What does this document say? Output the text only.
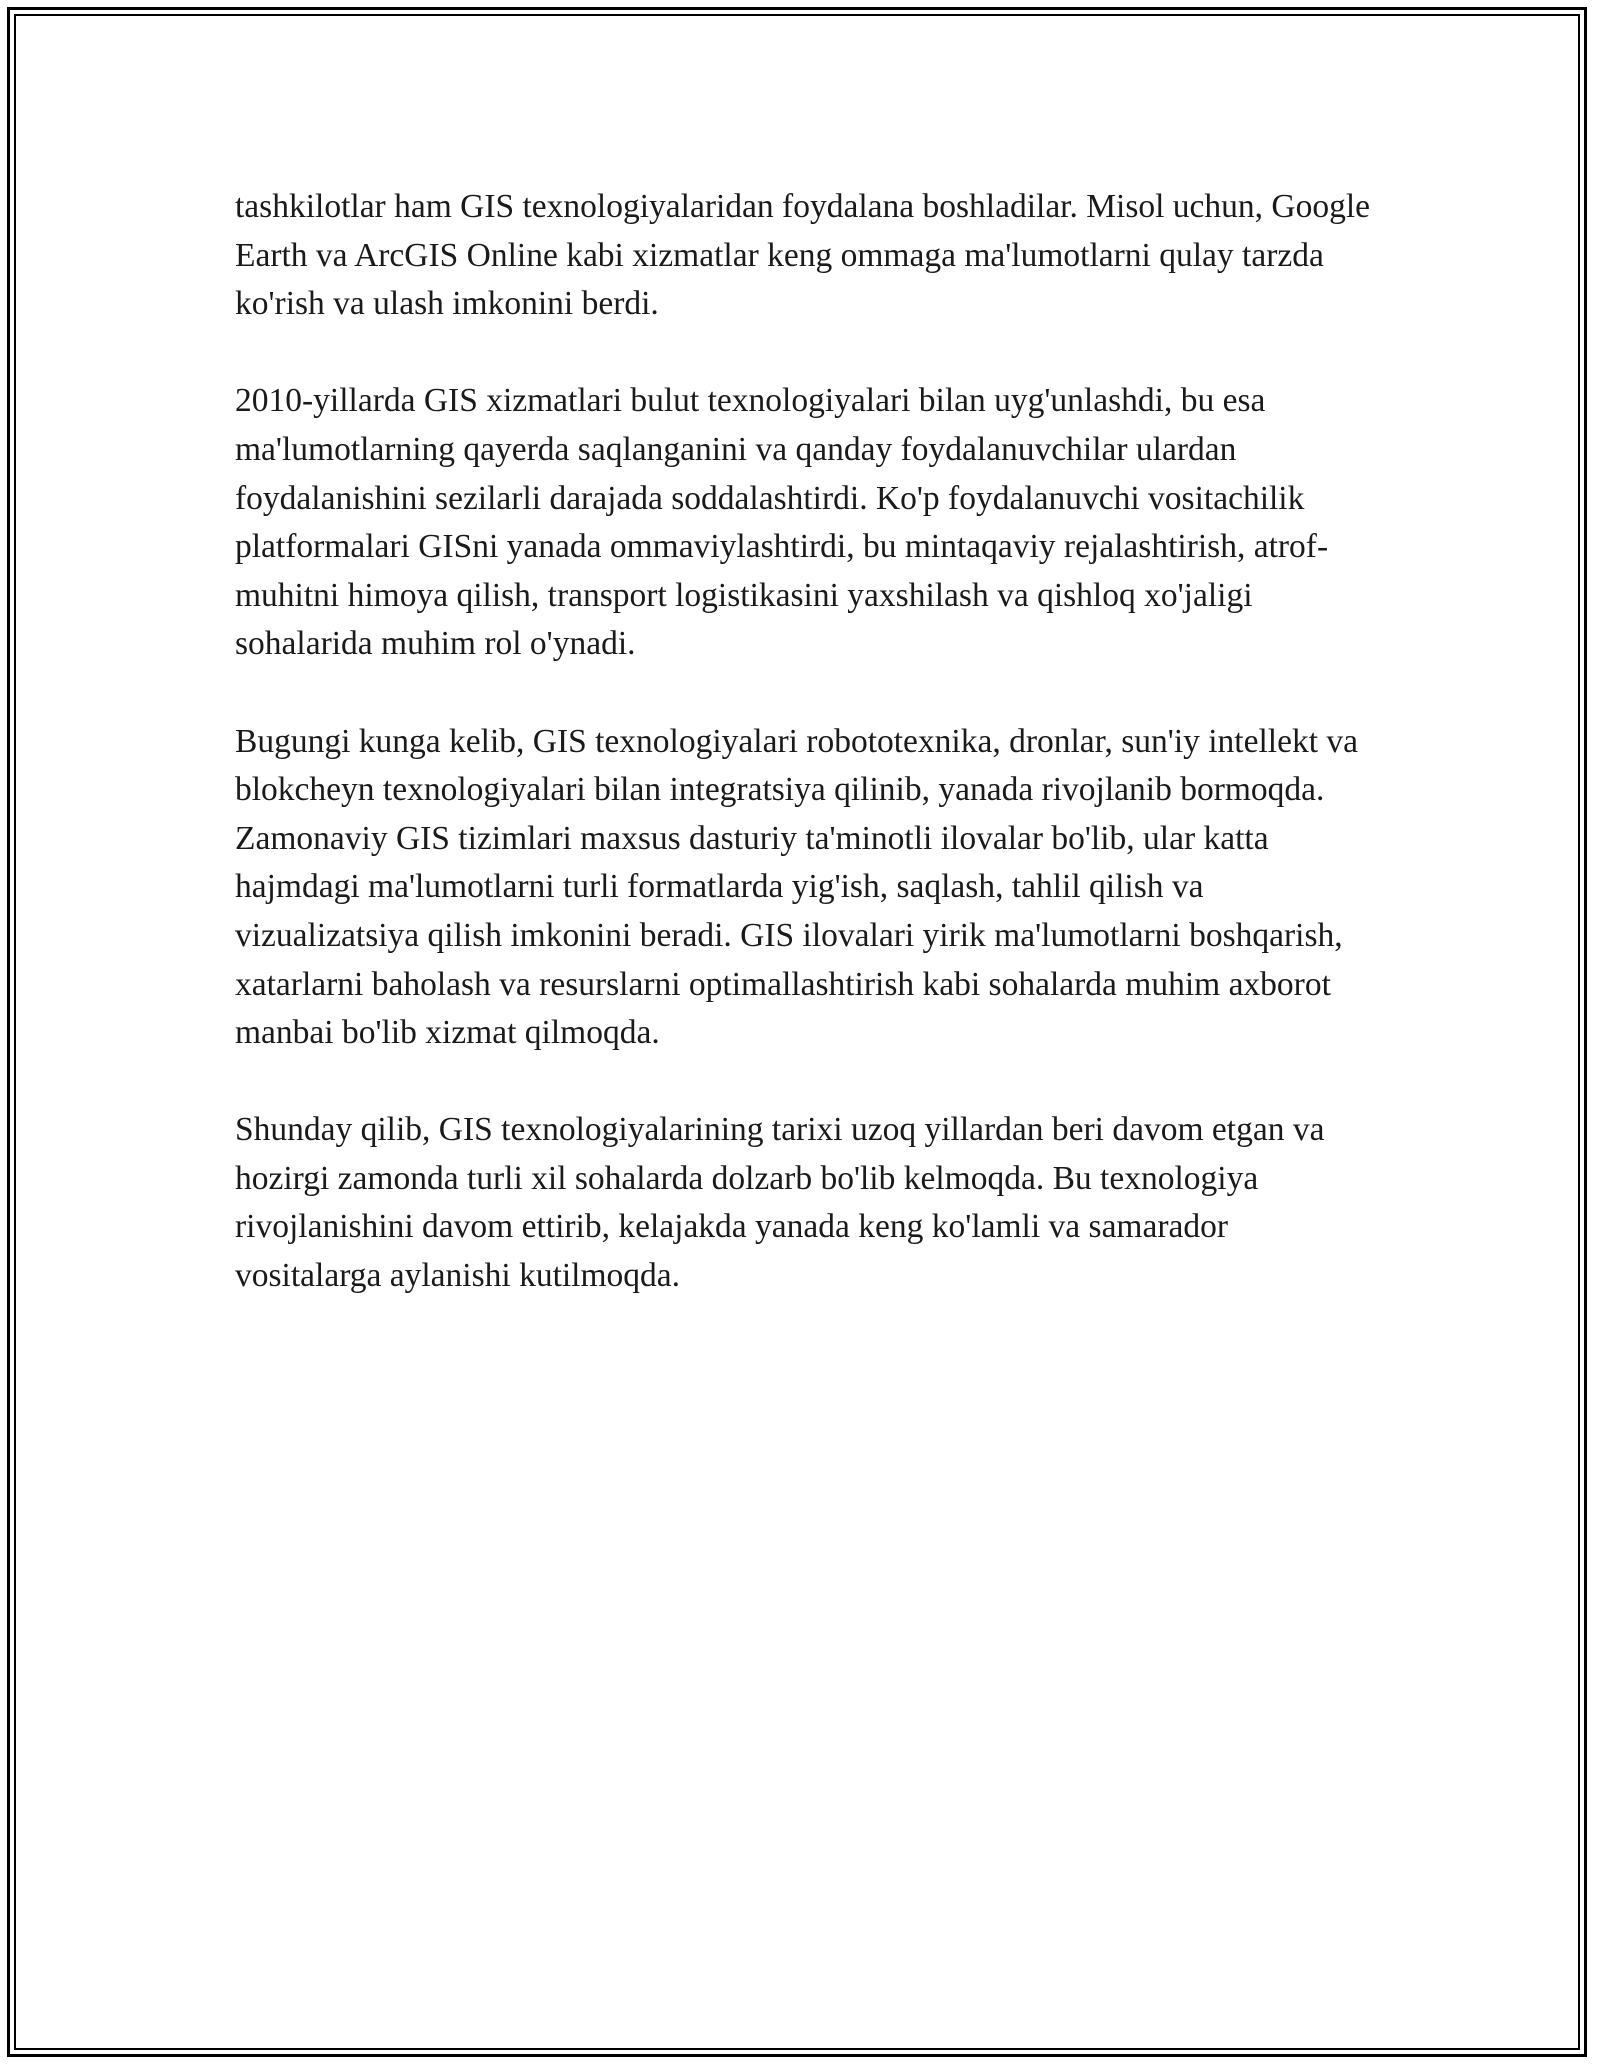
tashkilotlar ham GIS texnologiyalaridan foydalana boshladilar. Misol uchun, Google Earth va ArcGIS Online kabi xizmatlar keng ommaga ma'lumotlarni qulay tarzda ko'rish va ulash imkonini berdi.

2010-yillarda GIS xizmatlari bulut texnologiyalari bilan uyg'unlashdi, bu esa ma'lumotlarning qayerda saqlanganini va qanday foydalanuvchilar ulardan foydalanishini sezilarli darajada soddalashtirdi. Ko'p foydalanuvchi vositachilik platformalari GISni yanada ommaviylashtirdi, bu mintaqaviy rejalashtirish, atrof-muhitni himoya qilish, transport logistikasini yaxshilash va qishloq xo'jaligi sohalarida muhim rol o'ynadi.

Bugungi kunga kelib, GIS texnologiyalari robototexnika, dronlar, sun'iy intellekt va blokcheyn texnologiyalari bilan integratsiya qilinib, yanada rivojlanib bormoqda. Zamonaviy GIS tizimlari maxsus dasturiy ta'minotli ilovalar bo'lib, ular katta hajmdagi ma'lumotlarni turli formatlarda yig'ish, saqlash, tahlil qilish va vizualizatsiya qilish imkonini beradi. GIS ilovalari yirik ma'lumotlarni boshqarish, xatarlarni baholash va resurslarni optimallashtirish kabi sohalarda muhim axborot manbai bo'lib xizmat qilmoqda.

Shunday qilib, GIS texnologiyalarining tarixi uzoq yillardan beri davom etgan va hozirgi zamonda turli xil sohalarda dolzarb bo'lib kelmoqda. Bu texnologiya rivojlanishini davom ettirib, kelajakda yanada keng ko'lamli va samarador vositalarga aylanishi kutilmoqda.
